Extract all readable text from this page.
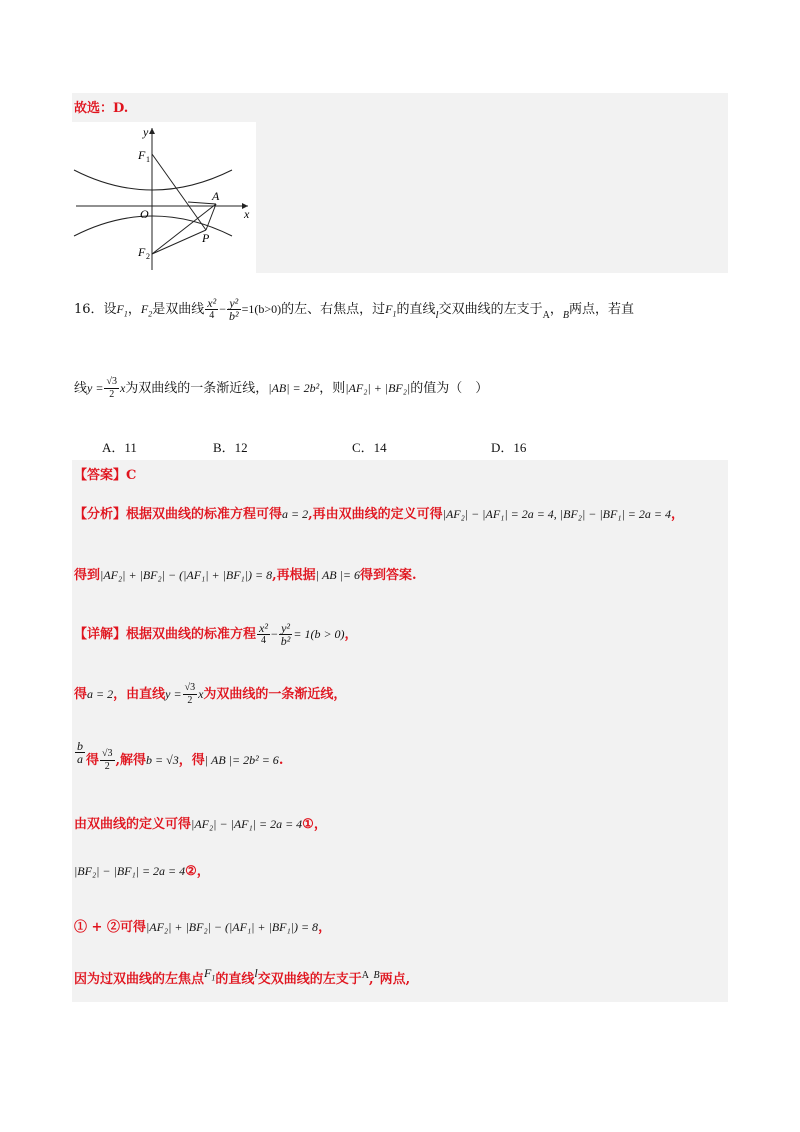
故选：D.
y
x
O
F 1
F 2
A
P
16．设$F_1$，$F_2$是双曲线 $\frac{\text{x²}}{4} - \frac{\text{y²}}{\text{b²}} =1(b>0)$的左、右焦点，过$F_1$的直线$_l$交双曲线的左支于$_A$，$_B$两点，若直
线$y = \frac{√3}{2}$ x为双曲线的一条渐近线，|AB| = 2b²，则|AF₂| + |BF₂|的值为（　）
A．11	B．12	C．14	D．16
【答案】C
【分析】根据双曲线的标准方程可得a = 2,再由双曲线的定义可得|AF₂| − |AF₁| = 2a = 4, |BF₂| − |BF₁| = 2a = 4，
得到|AF₂| + |BF₂| − (|AF₁| + |BF₁|) = 8,再根据| AB |= 6得到答案.
【详解】根据双曲线的标准方程 $\frac{\text{x²}}{4} - \frac{\text{y²}}{\text{b²}} = 1(b > 0)$，
得a = 2，由直线$y = \frac{√3}{2}$ x为双曲线的一条渐近线，
$\frac{b}{a}$ 得 $\frac{√3}{2}$ ,解得b = √3，得| AB |= 2b² = 6.
由双曲线的定义可得|AF₂| − |AF₁| = 2a = 4①，
|BF₂| − |BF₁| = 2a = 4②，
① + ②可得|AF₂| + |BF₂| − (|AF₁| + |BF₁|) = 8，
因为过双曲线的左焦点$F_1$的直线l交双曲线的左支于$^A$,$^B$两点,
